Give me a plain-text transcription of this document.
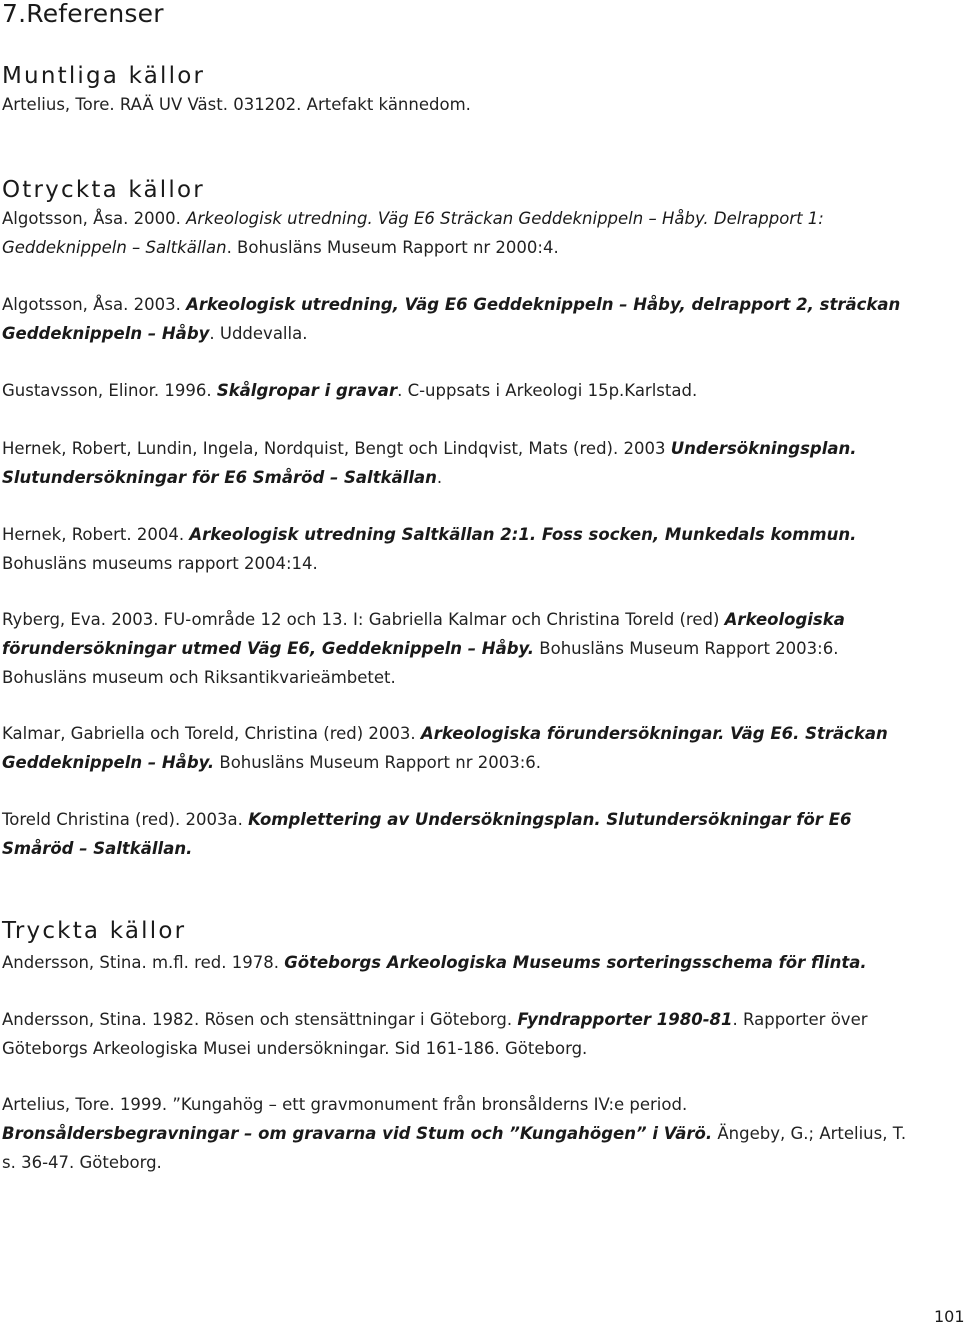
7.Referenser
Muntliga källor

Artelius, Tore. RAÄ UV Väst. 031202. Artefakt kännedom.

Otryckta källor

Algotsson, Åsa. 2000. Arkeologisk utredning. Väg E6 Sträckan Geddeknippeln – Håby. Delrapport 1: Geddeknippeln – Saltkällan. Bohusläns Museum Rapport nr 2000:4.

Algotsson, Åsa. 2003. Arkeologisk utredning, Väg E6 Geddeknippeln – Håby, delrapport 2, sträckan Geddeknippeln – Håby. Uddevalla.

Gustavsson, Elinor. 1996. Skålgropar i gravar. C-uppsats i Arkeologi 15p.Karlstad.

Hernek, Robert, Lundin, Ingela, Nordquist, Bengt och Lindqvist, Mats (red). 2003 Undersökningsplan. Slutundersökningar för E6 Småröd – Saltkällan.

Hernek, Robert. 2004. Arkeologisk utredning Saltkällan 2:1. Foss socken, Munkedals kommun. Bohusläns museums rapport 2004:14.

Ryberg, Eva. 2003. FU-område 12 och 13. I: Gabriella Kalmar och Christina Toreld (red) Arkeologiska förundersökningar utmed Väg E6, Geddeknippeln – Håby. Bohusläns Museum Rapport 2003:6. Bohusläns museum och Riksantikvarieämbetet.

Kalmar, Gabriella och Toreld, Christina (red) 2003. Arkeologiska förundersökningar. Väg E6. Sträckan Geddeknippeln – Håby. Bohusläns Museum Rapport nr 2003:6.

Toreld Christina (red). 2003a. Komplettering av Undersökningsplan. Slutundersökningar för E6 Småröd – Saltkällan.

Tryckta källor

Andersson, Stina. m.fl. red. 1978. Göteborgs Arkeologiska Museums sorteringsschema för flinta.

Andersson, Stina. 1982. Rösen och stensättningar i Göteborg. Fyndrapporter 1980-81. Rapporter över Göteborgs Arkeologiska Musei undersökningar. Sid 161-186. Göteborg.

Artelius, Tore. 1999. ”Kungahög – ett gravmonument från bronsålderns IV:e period. Bronsåldersbegravningar – om gravarna vid Stum och ”Kungahögen” i Värö. Ängeby, G.; Artelius, T. s. 36-47. Göteborg.

101
